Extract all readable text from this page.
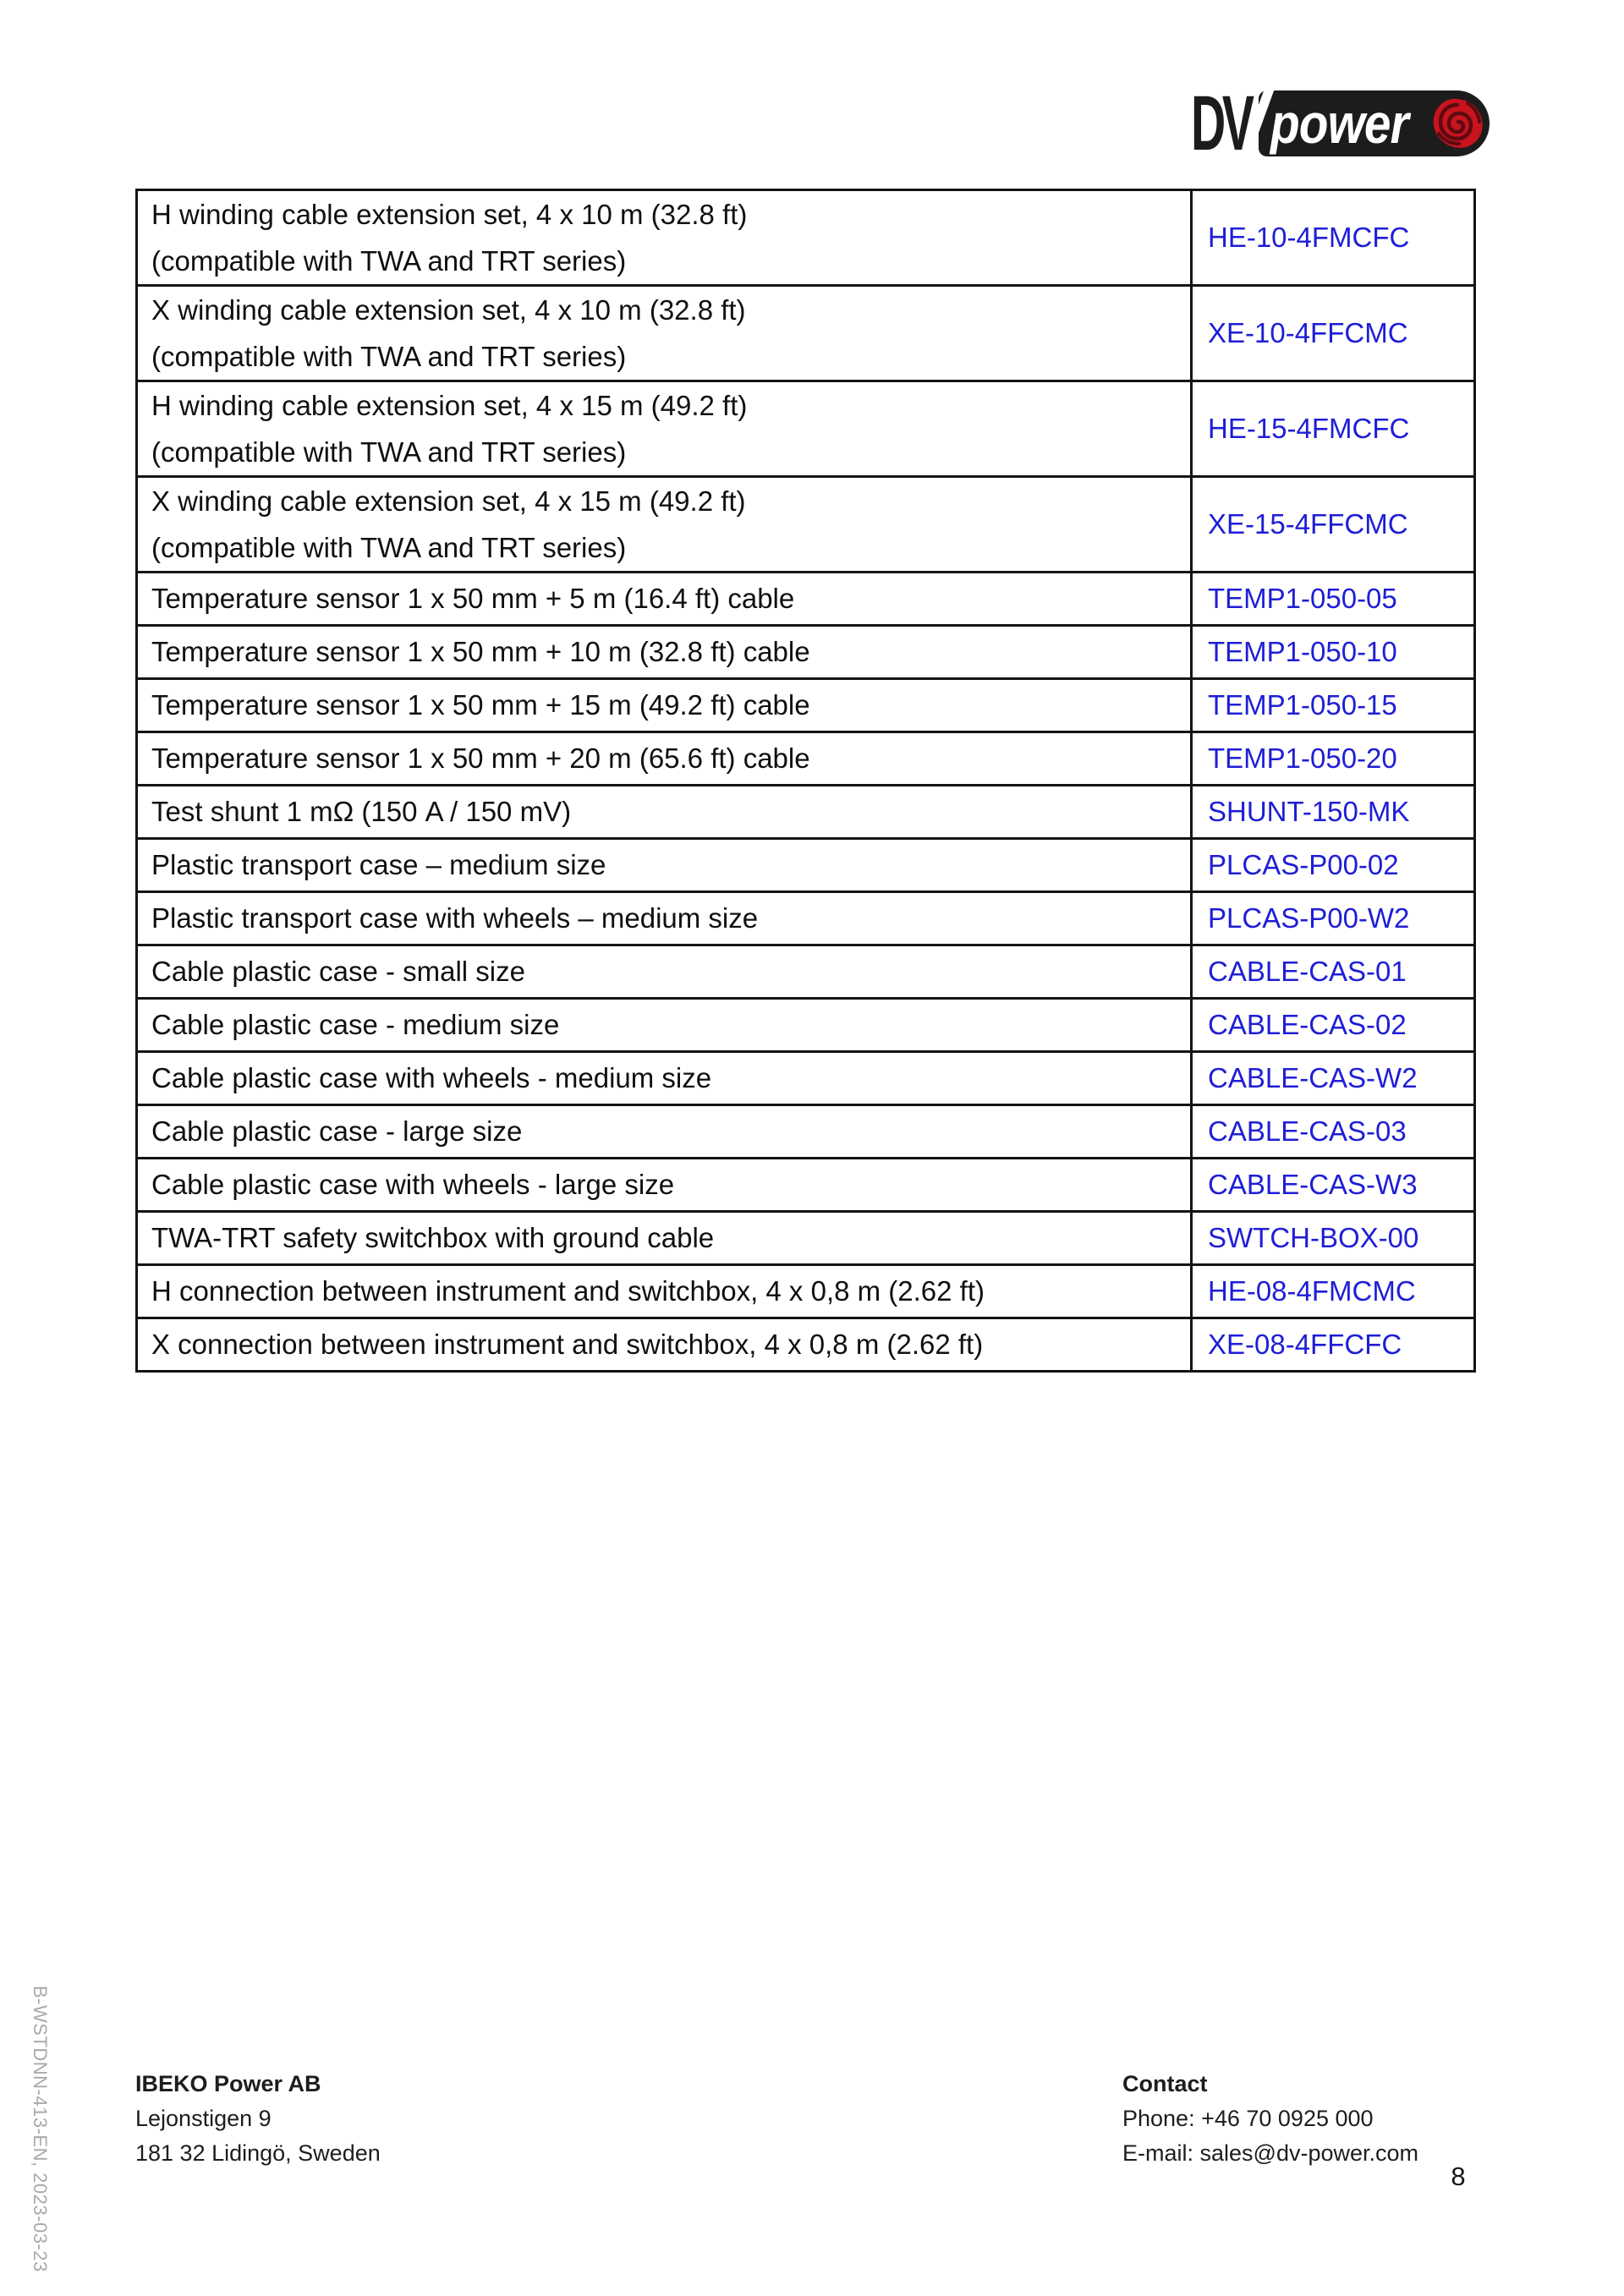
DV power
H winding cable extension set, 4 x 10 m (32.8 ft)
(compatible with TWA and TRT series)	HE-10-4FMCFC

X winding cable extension set, 4 x 10 m (32.8 ft)
(compatible with TWA and TRT series)	XE-10-4FFCMC

H winding cable extension set, 4 x 15 m (49.2 ft)
(compatible with TWA and TRT series)	HE-15-4FMCFC

X winding cable extension set, 4 x 15 m (49.2 ft)
(compatible with TWA and TRT series)	XE-15-4FFCMC

Temperature sensor 1 x 50 mm + 5 m (16.4 ft) cable	TEMP1-050-05

Temperature sensor 1 x 50 mm + 10 m (32.8 ft) cable	TEMP1-050-10

Temperature sensor 1 x 50 mm + 15 m (49.2 ft) cable	TEMP1-050-15

Temperature sensor 1 x 50 mm + 20 m (65.6 ft) cable	TEMP1-050-20

Test shunt 1 mΩ (150 A / 150 mV)	SHUNT-150-MK

Plastic transport case – medium size	PLCAS-P00-02

Plastic transport case with wheels – medium size	PLCAS-P00-W2

Cable plastic case - small size	CABLE-CAS-01

Cable plastic case - medium size	CABLE-CAS-02

Cable plastic case with wheels - medium size	CABLE-CAS-W2

Cable plastic case - large size	CABLE-CAS-03

Cable plastic case with wheels - large size	CABLE-CAS-W3

TWA-TRT safety switchbox with ground cable	SWTCH-BOX-00

H connection between instrument and switchbox, 4 x 0,8 m (2.62 ft)	HE-08-4FMCMC

X connection between instrument and switchbox, 4 x 0,8 m (2.62 ft)	XE-08-4FFCFC
IBEKO Power AB
Lejonstigen 9
181 32 Lidingö, Sweden
Contact
Phone: +46 70 0925 000
E-mail: sales@dv-power.com
8
B-WSTDNN-413-EN, 2023-03-23
